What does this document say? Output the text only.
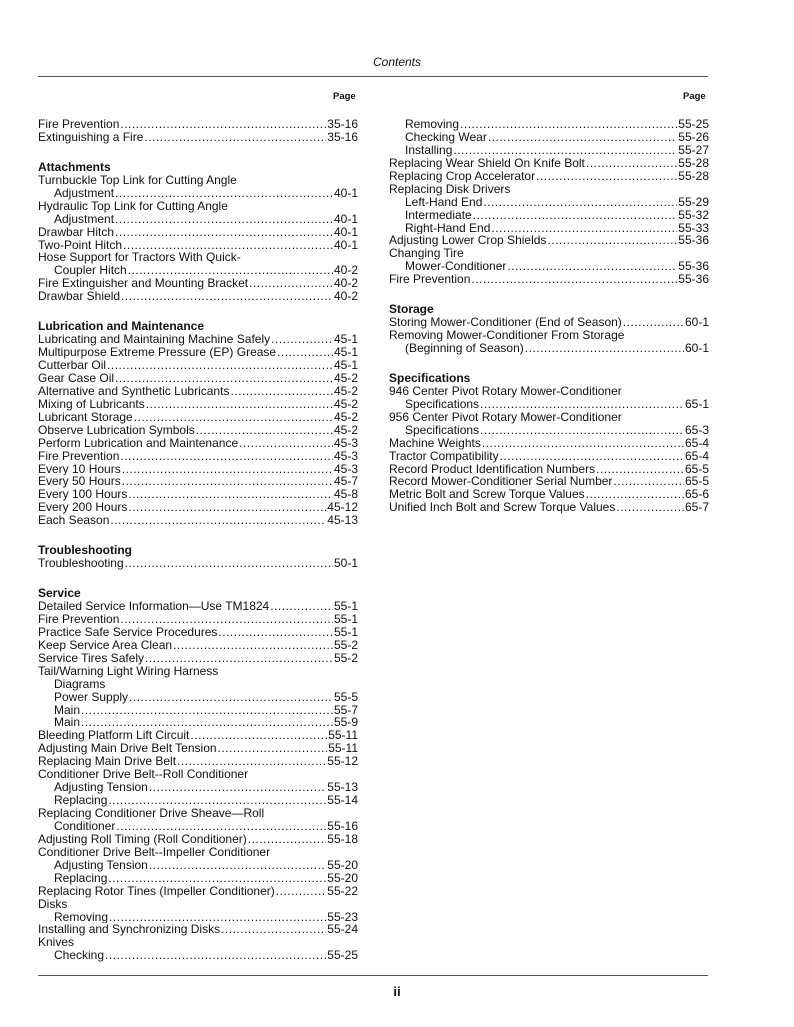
Contents
Page	Page
Fire Prevention .....	35-16
Extinguishing a Fire .....	35-16
Attachments
Turnbuckle Top Link for Cutting Angle
Adjustment .....	40-1
Hydraulic Top Link for Cutting Angle
Adjustment .....	40-1
Drawbar Hitch .....	40-1
Two-Point Hitch .....	40-1
Hose Support for Tractors With Quick-
Coupler Hitch .....	40-2
Fire Extinguisher and Mounting Bracket .....	40-2
Drawbar Shield .....	40-2
Lubrication and Maintenance
Lubricating and Maintaining Machine Safely .....	45-1
Multipurpose Extreme Pressure (EP) Grease .....	45-1
Cutterbar Oil .....	45-1
Gear Case Oil .....	45-2
Alternative and Synthetic Lubricants .....	45-2
Mixing of Lubricants .....	45-2
Lubricant Storage .....	45-2
Observe Lubrication Symbols .....	45-2
Perform Lubrication and Maintenance .....	45-3
Fire Prevention .....	45-3
Every 10 Hours .....	45-3
Every 50 Hours .....	45-7
Every 100 Hours .....	45-8
Every 200 Hours .....	45-12
Each Season .....	45-13
Troubleshooting
Troubleshooting .....	50-1
Service
Detailed Service Information—Use TM1824 .....	55-1
Fire Prevention .....	55-1
Practice Safe Service Procedures .....	55-1
Keep Service Area Clean .....	55-2
Service Tires Safely .....	55-2
Tail/Warning Light Wiring Harness
Diagrams
Power Supply .....	55-5
Main .....	55-7
Main .....	55-9
Bleeding Platform Lift Circuit .....	55-11
Adjusting Main Drive Belt Tension .....	55-11
Replacing Main Drive Belt .....	55-12
Conditioner Drive Belt--Roll Conditioner
Adjusting Tension .....	55-13
Replacing .....	55-14
Replacing Conditioner Drive Sheave—Roll
Conditioner .....	55-16
Adjusting Roll Timing (Roll Conditioner) .....	55-18
Conditioner Drive Belt--Impeller Conditioner
Adjusting Tension .....	55-20
Replacing .....	55-20
Replacing Rotor Tines (Impeller Conditioner) .....	55-22
Disks
Removing .....	55-23
Installing and Synchronizing Disks .....	55-24
Knives
Checking .....	55-25
Removing .....	55-25
Checking Wear .....	55-26
Installing .....	55-27
Replacing Wear Shield On Knife Bolt .....	55-28
Replacing Crop Accelerator .....	55-28
Replacing Disk Drivers
Left-Hand End .....	55-29
Intermediate .....	55-32
Right-Hand End .....	55-33
Adjusting Lower Crop Shields .....	55-36
Changing Tire
Mower-Conditioner .....	55-36
Fire Prevention .....	55-36
Storage
Storing Mower-Conditioner (End of Season) .....	60-1
Removing Mower-Conditioner From Storage
(Beginning of Season) .....	60-1
Specifications
946 Center Pivot Rotary Mower-Conditioner
Specifications .....	65-1
956 Center Pivot Rotary Mower-Conditioner
Specifications .....	65-3
Machine Weights .....	65-4
Tractor Compatibility .....	65-4
Record Product Identification Numbers .....	65-5
Record Mower-Conditioner Serial Number .....	65-5
Metric Bolt and Screw Torque Values .....	65-6
Unified Inch Bolt and Screw Torque Values .....	65-7
ii
